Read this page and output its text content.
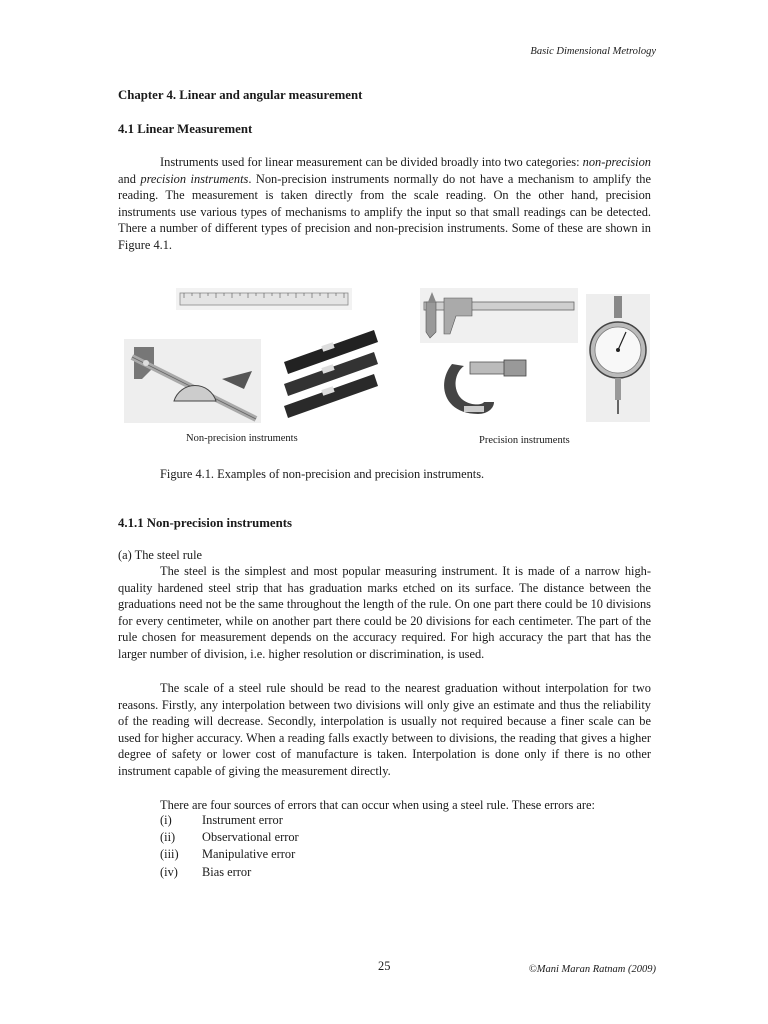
Basic Dimensional Metrology
Chapter 4. Linear and angular measurement
4.1 Linear Measurement
Instruments used for linear measurement can be divided broadly into two categories: non-precision and precision instruments. Non-precision instruments normally do not have a mechanism to amplify the reading. The measurement is taken directly from the scale reading. On the other hand, precision instruments use various types of mechanisms to amplify the input so that small readings can be detected. There a number of different types of precision and non-precision instruments. Some of these are shown in Figure 4.1.
Non-precision instruments	Precision instruments
Figure 4.1. Examples of non-precision and precision instruments.
4.1.1 Non-precision instruments
(a) The steel rule
The steel is the simplest and most popular measuring instrument. It is made of a narrow high-quality hardened steel strip that has graduation marks etched on its surface. The distance between the graduations need not be the same throughout the length of the rule. On one part there could be 10 divisions for every centimeter, while on another part there could be 20 divisions for each centimeter. The part of the rule chosen for measurement depends on the accuracy required. For high accuracy the part that has the larger number of division, i.e. higher resolution or discrimination, is used.
The scale of a steel rule should be read to the nearest graduation without interpolation for two reasons. Firstly, any interpolation between two divisions will only give an estimate and thus the reliability of the reading will decrease. Secondly, interpolation is usually not required because a finer scale can be used for higher accuracy. When a reading falls exactly between to divisions, the reading that gives a higher degree of safety or lower cost of manufacture is taken. Interpolation is done only if there is no other instrument capable of giving the measurement directly.
There are four sources of errors that can occur when using a steel rule. These errors are:
(i)	Instrument error
(ii)	Observational error
(iii)	Manipulative error
(iv)	Bias error
25	©Mani Maran Ratnam (2009)
